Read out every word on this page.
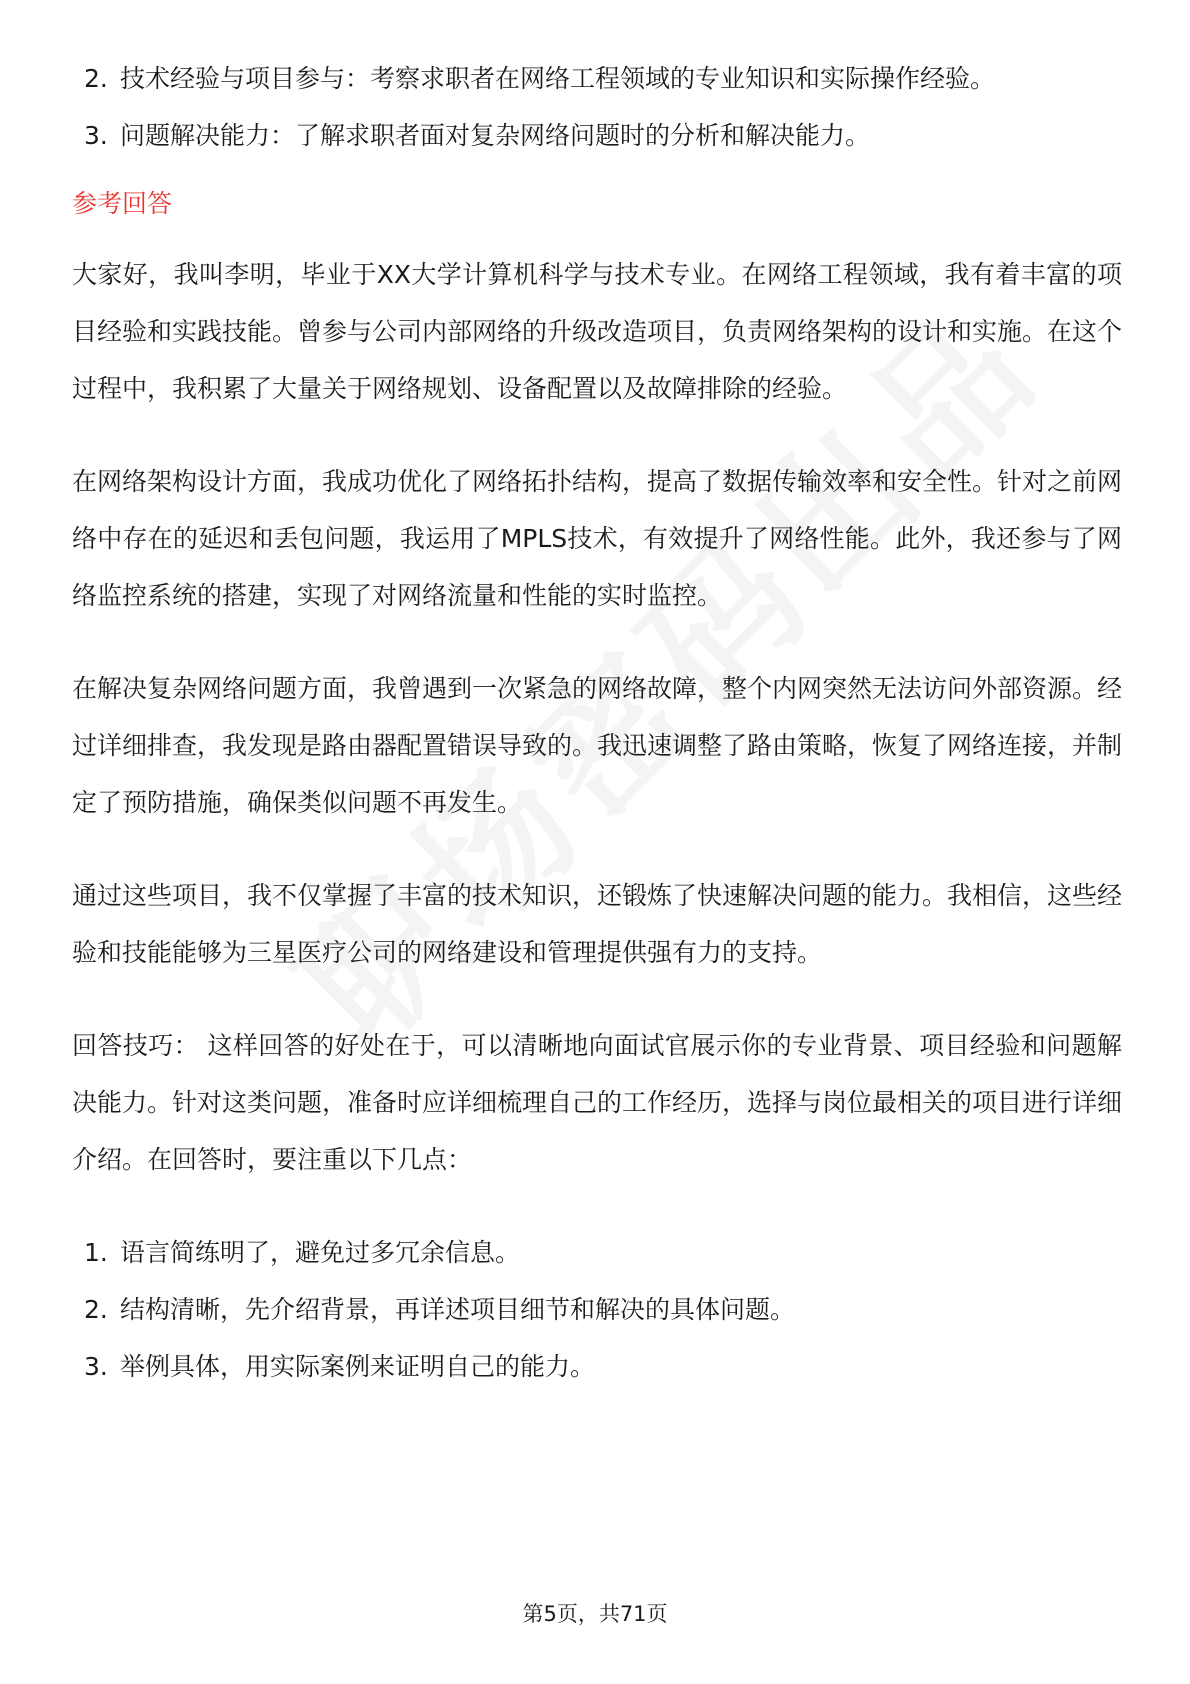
2. 技术经验与项目参与：考察求职者在网络工程领域的专业知识和实际操作经验。
3. 问题解决能力：了解求职者面对复杂网络问题时的分析和解决能力。
参考回答

大家好，我叫李明，毕业于XX大学计算机科学与技术专业。在网络工程领域，我有着丰富的项目经验和实践技能。曾参与公司内部网络的升级改造项目，负责网络架构的设计和实施。在这个过程中，我积累了大量关于网络规划、设备配置以及故障排除的经验。

在网络架构设计方面，我成功优化了网络拓扑结构，提高了数据传输效率和安全性。针对之前网络中存在的延迟和丢包问题，我运用了MPLS技术，有效提升了网络性能。此外，我还参与了网络监控系统的搭建，实现了对网络流量和性能的实时监控。

在解决复杂网络问题方面，我曾遇到一次紧急的网络故障，整个内网突然无法访问外部资源。经过详细排查，我发现是路由器配置错误导致的。我迅速调整了路由策略，恢复了网络连接，并制定了预防措施，确保类似问题不再发生。

通过这些项目，我不仅掌握了丰富的技术知识，还锻炼了快速解决问题的能力。我相信，这些经验和技能能够为三星医疗公司的网络建设和管理提供强有力的支持。

回答技巧： 这样回答的好处在于，可以清晰地向面试官展示你的专业背景、项目经验和问题解决能力。针对这类问题，准备时应详细梳理自己的工作经历，选择与岗位最相关的项目进行详细介绍。在回答时，要注重以下几点：

1. 语言简练明了，避免过多冗余信息。
2. 结构清晰，先介绍背景，再详述项目细节和解决的具体问题。
3. 举例具体，用实际案例来证明自己的能力。
第5页，共71页
